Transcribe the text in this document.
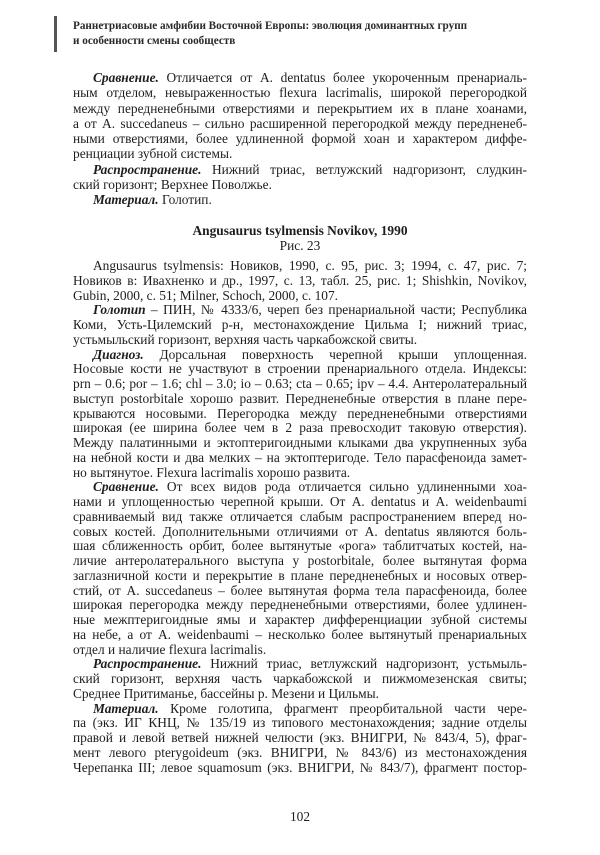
Раннетриасовые амфибии Восточной Европы: эволюция доминантных групп
и особенности смены сообществ
Сравнение. Отличается от A. dentatus более укороченным пренариаль-
ным отделом, невыраженностью flexura lacrimalis, широкой перегородкой
между передненебными отверстиями и перекрытием их в плане хоанами,
а от A. succedaneus – сильно расширенной перегородкой между передненеб-
ными отверстиями, более удлиненной формой хоан и характером диффе-
ренциации зубной системы.
Распространение. Нижний триас, ветлужский надгоризонт, слудкин-
ский горизонт; Верхнее Поволжье.
Материал. Голотип.
Angusaurus tsylmensis Novikov, 1990
Рис. 23
Angusaurus tsylmensis: Новиков, 1990, с. 95, рис. 3; 1994, с. 47, рис. 7;
Новиков в: Ивахненко и др., 1997, с. 13, табл. 25, рис. 1; Shishkin, Novikov,
Gubin, 2000, с. 51; Milner, Schoch, 2000, с. 107.
Голотип – ПИН, № 4333/6, череп без пренариальной части; Республика
Коми, Усть-Цилемский р-н, местонахождение Цильма I; нижний триас,
устьмыльский горизонт, верхняя часть чаркабожской свиты.
Диагноз. Дорсальная поверхность черепной крыши уплощенная.
Носовые кости не участвуют в строении пренариального отдела. Индексы:
prn – 0.6; por – 1.6; chl – 3.0; io – 0.63; cta – 0.65; ipv – 4.4. Антеролатеральный
выступ postorbitale хорошо развит. Передненебные отверстия в плане пере-
крываются носовыми. Перегородка между передненебными отверстиями
широкая (ее ширина более чем в 2 раза превосходит таковую отверстия).
Между палатинными и эктоптеригоидными клыками два укрупненных зуба
на небной кости и два мелких – на эктоптеригоде. Тело парасфеноида замет-
но вытянутое. Flexura lacrimalis хорошо развита.
Сравнение. От всех видов рода отличается сильно удлиненными хоа-
нами и уплощенностью черепной крыши. От A. dentatus и A. weidenbaumi
сравниваемый вид также отличается слабым распространением вперед но-
совых костей. Дополнительными отличиями от A. dentatus являются боль-
шая сближенность орбит, более вытянутые «рога» таблитчатых костей, на-
личие антеролатерального выступа у postorbitale, более вытянутая форма
заглазничной кости и перекрытие в плане передненебных и носовых отвер-
стий, от A. succedaneus – более вытянутая форма тела парасфеноида, более
широкая перегородка между передненебными отверстиями, более удлинен-
ные межптеригоидные ямы и характер дифференциации зубной системы
на небе, а от A. weidenbaumi – несколько более вытянутый пренариальных
отдел и наличие flexura lacrimalis.
Распространение. Нижний триас, ветлужский надгоризонт, устьмыль-
ский горизонт, верхняя часть чаркабожской и пижмомезенская свиты;
Среднее Притиманье, бассейны р. Мезени и Цильмы.
Материал. Кроме голотипа, фрагмент преорбитальной части чере-
па (экз. ИГ КНЦ, № 135/19 из типового местонахождения; задние отделы
правой и левой ветвей нижней челюсти (экз. ВНИГРИ, № 843/4, 5), фраг-
мент левого pterygoideum (экз. ВНИГРИ, № 843/6) из местонахождения
Черепанка III; левое squamosum (экз. ВНИГРИ, № 843/7), фрагмент постор-
102
